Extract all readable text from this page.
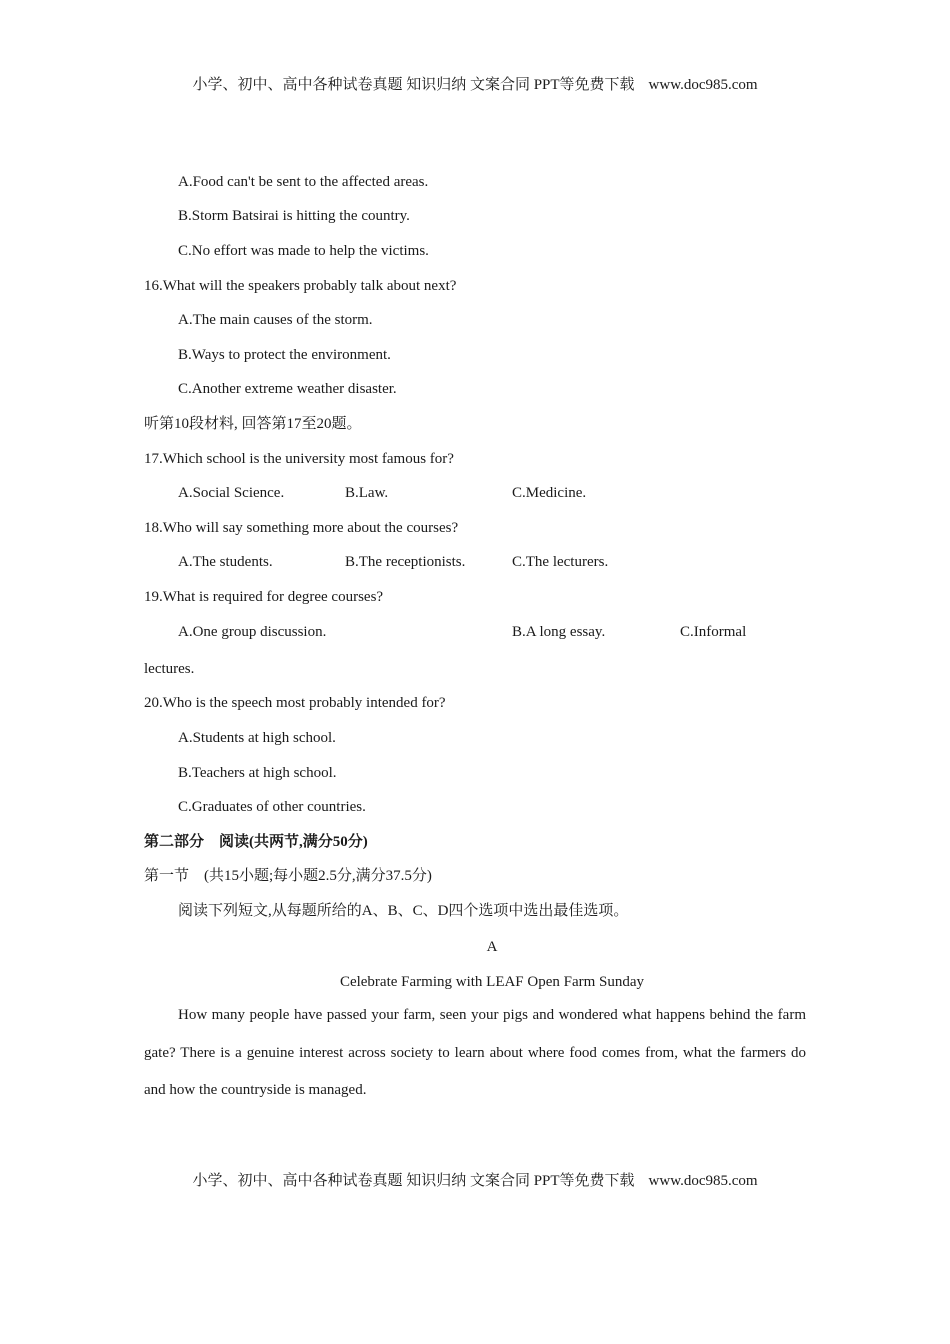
小学、初中、高中各种试卷真题 知识归纳 文案合同 PPT等免费下载 www.doc985.com
A.Food can't be sent to the affected areas.
B.Storm Batsirai is hitting the country.
C.No effort was made to help the victims.
16.What will the speakers probably talk about next?
A.The main causes of the storm.
B.Ways to protect the environment.
C.Another extreme weather disaster.
听第10段材料, 回答第17至20题。
17.Which school is the university most famous for?
A.Social Science.	B.Law.	C.Medicine.
18.Who will say something more about the courses?
A.The students.	B.The receptionists.	C.The lecturers.
19.What is required for degree courses?
A.One group discussion.	B.A long essay.	C.Informal
lectures.
20.Who is the speech most probably intended for?
A.Students at high school.
B.Teachers at high school.
C.Graduates of other countries.
第二部分　阅读(共两节,满分50分)
第一节　(共15小题;每小题2.5分,满分37.5分)
阅读下列短文,从每题所给的A、B、C、D四个选项中选出最佳选项。
A
Celebrate Farming with LEAF Open Farm Sunday
How many people have passed your farm, seen your pigs and wondered what happens behind the farm gate? There is a genuine interest across society to learn about where food comes from, what the farmers do and how the countryside is managed.
小学、初中、高中各种试卷真题 知识归纳 文案合同 PPT等免费下载 www.doc985.com
